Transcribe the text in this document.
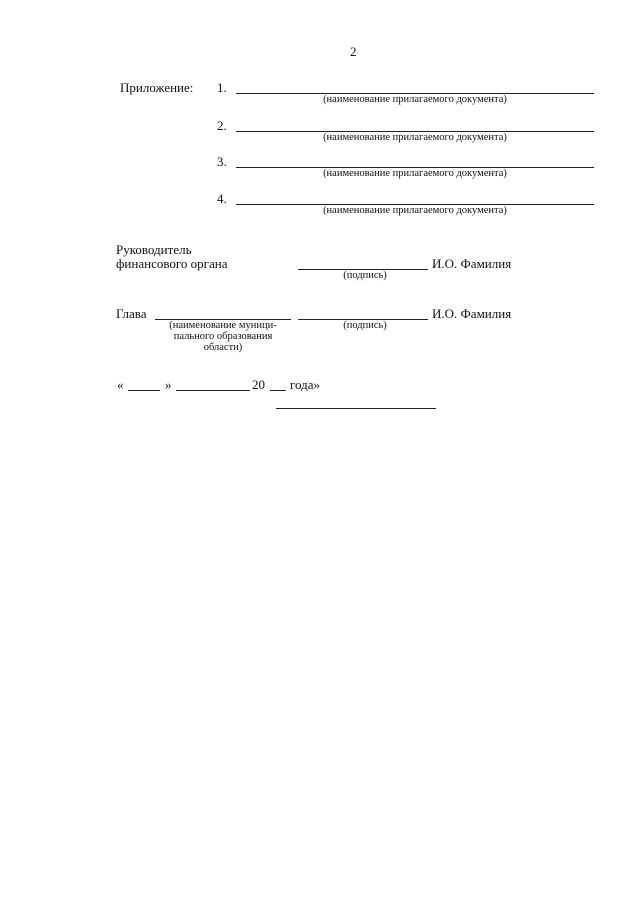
2
Приложение: 1.
(наименование прилагаемого документа)
2.
(наименование прилагаемого документа)
3.
(наименование прилагаемого документа)
4.
(наименование прилагаемого документа)
Руководитель
финансового органа	И.О. Фамилия
(подпись)
Глава
(наименование муници-
пального образования
области)
И.О. Фамилия
(подпись)
«	»	20 года»
